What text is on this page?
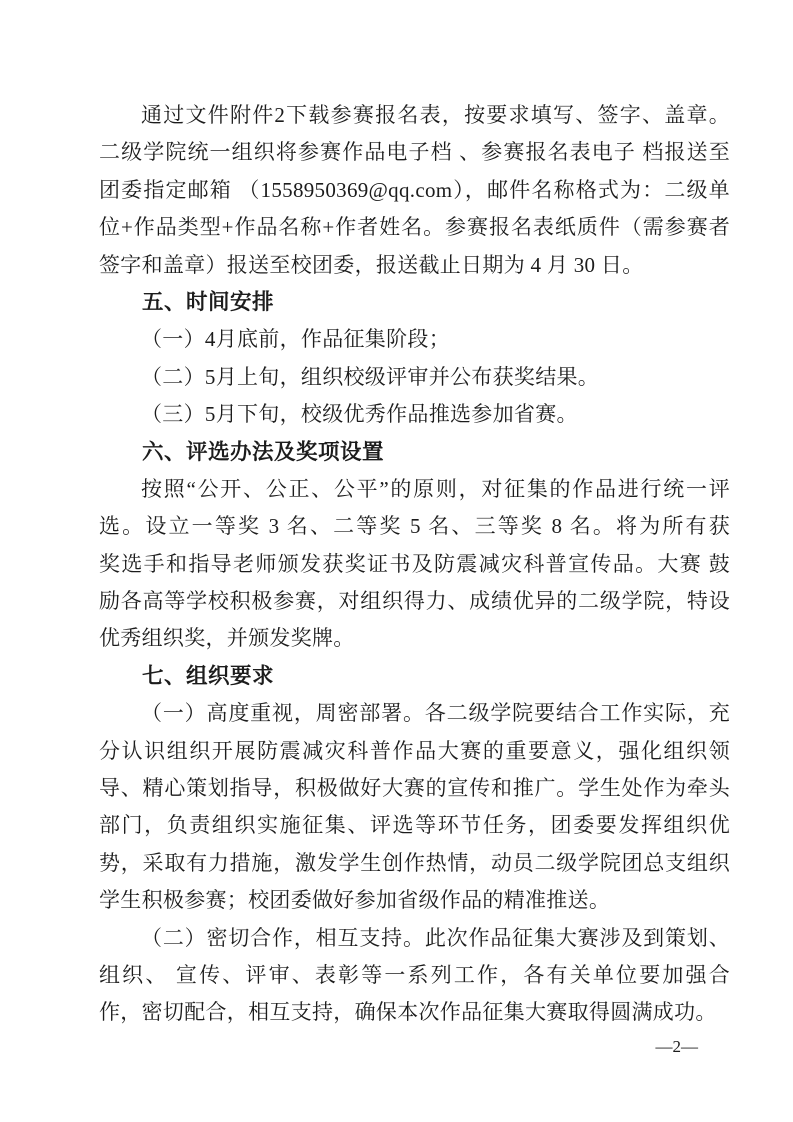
通过文件附件2下载参赛报名表，按要求填写、签字、盖章。
二级学院统一组织将参赛作品电子档 、参赛报名表电子 档报送至
团委指定邮箱 （1558950369@qq.com），邮件名称格式为：二级单
位+作品类型+作品名称+作者姓名。参赛报名表纸质件（需参赛者
签字和盖章）报送至校团委，报送截止日期为 4 月 30 日。
五、时间安排
（一）4月底前，作品征集阶段；
（二）5月上旬，组织校级评审并公布获奖结果。
（三）5月下旬，校级优秀作品推选参加省赛。
六、评选办法及奖项设置
按照“公开、公正、公平”的原则，对征集的作品进行统一评
选。设立一等奖 3 名、二等奖 5 名、三等奖 8 名。将为所有获
奖选手和指导老师颁发获奖证书及防震减灾科普宣传品。大赛 鼓
励各高等学校积极参赛，对组织得力、成绩优异的二级学院，特设
优秀组织奖，并颁发奖牌。
七、组织要求
（一）高度重视，周密部署。各二级学院要结合工作实际，充
分认识组织开展防震减灾科普作品大赛的重要意义，强化组织领
导、精心策划指导，积极做好大赛的宣传和推广。学生处作为牵头
部门，负责组织实施征集、评选等环节任务，团委要发挥组织优
势，采取有力措施，激发学生创作热情，动员二级学院团总支组织
学生积极参赛；校团委做好参加省级作品的精准推送。
（二）密切合作，相互支持。此次作品征集大赛涉及到策划、
组织、 宣传、评审、表彰等一系列工作，各有关单位要加强合
作，密切配合，相互支持，确保本次作品征集大赛取得圆满成功。
—2—
